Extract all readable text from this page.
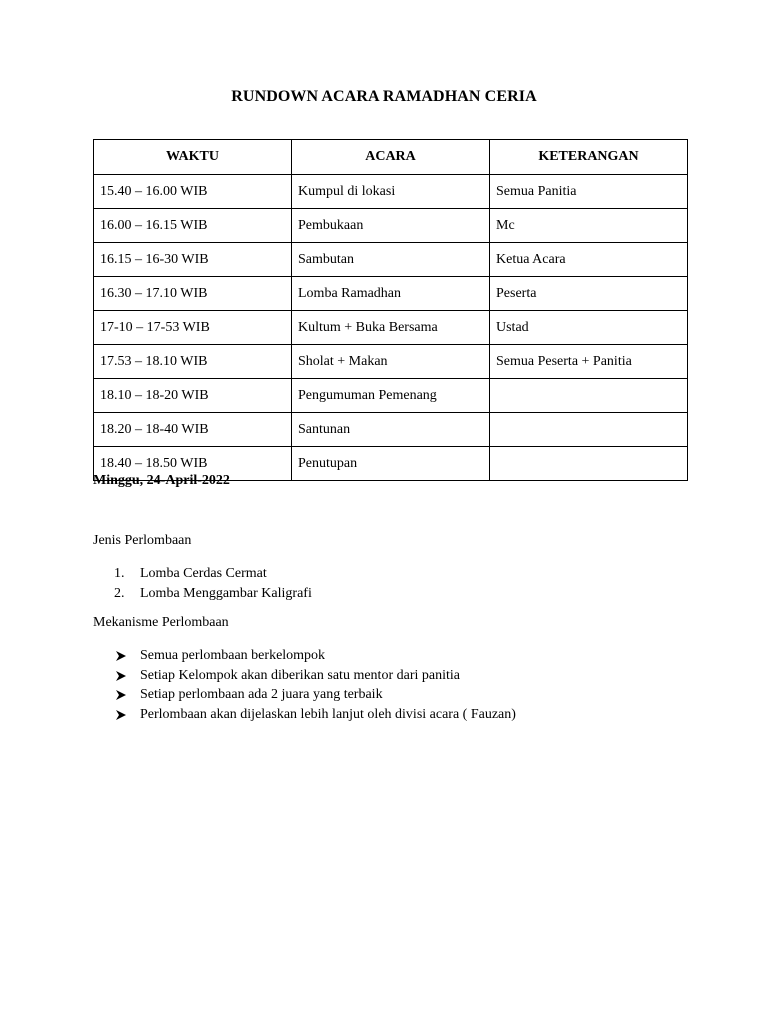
RUNDOWN ACARA RAMADHAN CERIA
WAKTU	ACARA	KETERANGAN
15.40 – 16.00 WIB	Kumpul di lokasi	Semua Panitia
16.00 – 16.15 WIB	Pembukaan	Mc
16.15 – 16-30 WIB	Sambutan	Ketua Acara
16.30 – 17.10 WIB	Lomba Ramadhan	Peserta
17-10 – 17-53 WIB	Kultum + Buka Bersama	Ustad
17.53 – 18.10 WIB	Sholat + Makan	Semua Peserta + Panitia
18.10 – 18-20 WIB	Pengumuman Pemenang	
18.20 – 18-40 WIB	Santunan	
18.40 – 18.50 WIB	Penutupan	
Minggu, 24-April-2022
Jenis Perlombaan
1. Lomba Cerdas Cermat
2. Lomba Menggambar Kaligrafi
Mekanisme Perlombaan
Semua perlombaan berkelompok
Setiap Kelompok akan diberikan satu mentor dari panitia
Setiap perlombaan ada 2 juara yang terbaik
Perlombaan akan dijelaskan lebih lanjut oleh divisi acara ( Fauzan)
